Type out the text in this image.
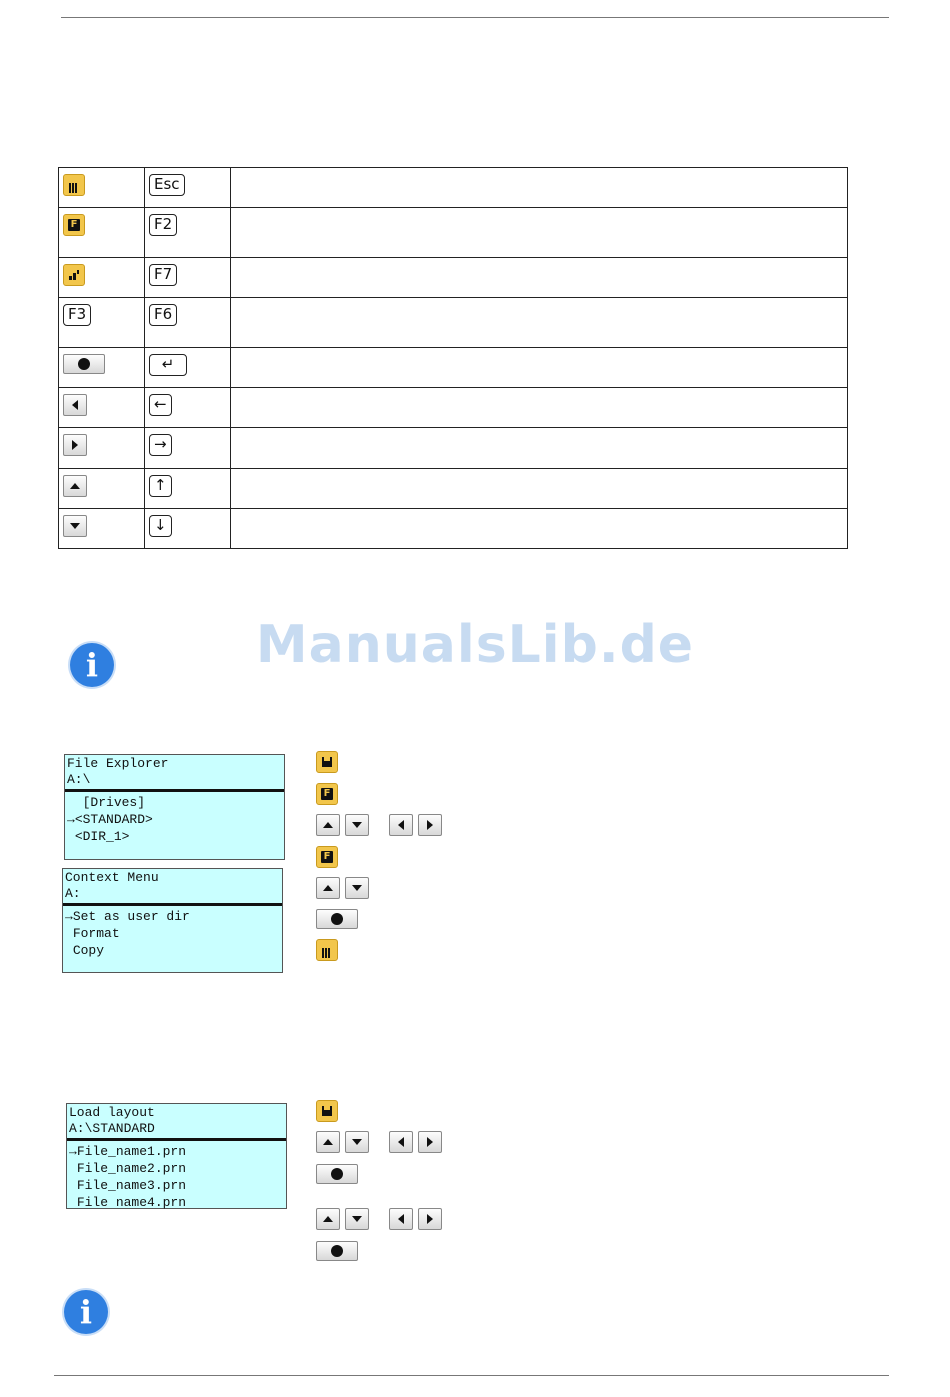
	Esc	

F	F2	

	F7	
F3	F6	

	↵	

	←	

	→	

	↑	

	↓	
ManualsLib.de
i
File Explorer
A:\
[Drives]
→<STANDARD>
<DIR_1>
Context Menu
A:
→Set as user dir
Format
Copy
F
F
Load layout
A:\STANDARD
→File_name1.prn
File_name2.prn
File_name3.prn
File name4.prn
i
